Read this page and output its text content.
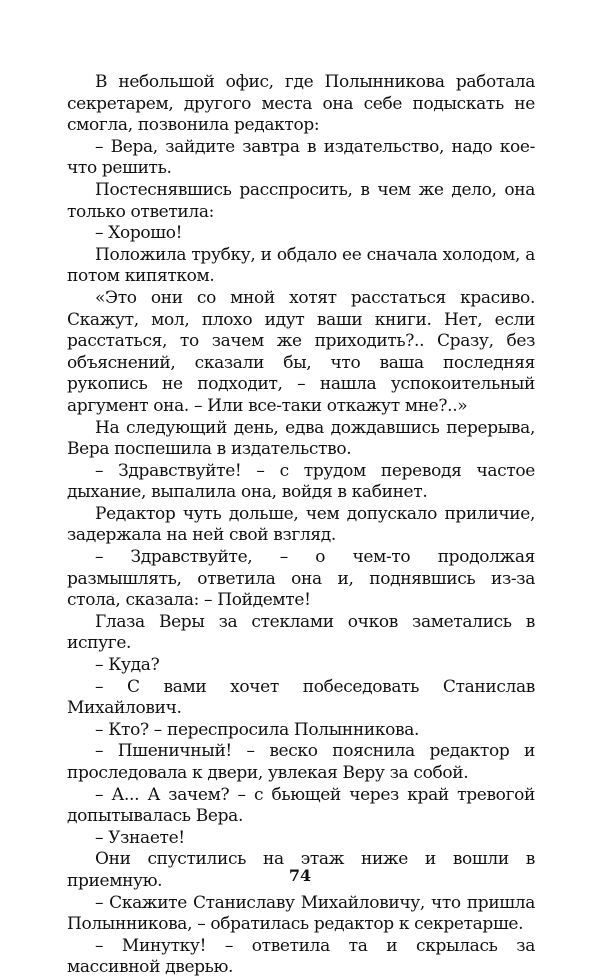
В небольшой офис, где Полынникова работала секретарем, другого места она себе подыскать не смогла, позвонила редактор:

– Вера, зайдите завтра в издательство, надо кое-что решить.

Постеснявшись расспросить, в чем же дело, она только ответила:

– Хорошо!

Положила трубку, и обдало ее сначала холодом, а потом кипятком.

«Это они со мной хотят расстаться красиво. Скажут, мол, плохо идут ваши книги. Нет, если расстаться, то зачем же приходить?.. Сразу, без объяснений, сказали бы, что ваша последняя рукопись не подходит, – нашла успокоительный аргумент она. – Или все-таки откажут мне?..»

На следующий день, едва дождавшись перерыва, Вера поспешила в издательство.

– Здравствуйте! – с трудом переводя частое дыхание, выпалила она, войдя в кабинет.

Редактор чуть дольше, чем допускало приличие, задержала на ней свой взгляд.

– Здравствуйте, – о чем-то продолжая размышлять, ответила она и, поднявшись из-за стола, сказала: – Пойдемте!

Глаза Веры за стеклами очков заметались в испуге.

– Куда?

– С вами хочет побеседовать Станислав Михайлович.

– Кто? – переспросила Полынникова.

– Пшеничный! – веско пояснила редактор и проследовала к двери, увлекая Веру за собой.

– А... А зачем? – с бьющей через край тревогой допытывалась Вера.

– Узнаете!

Они спустились на этаж ниже и вошли в приемную.

– Скажите Станиславу Михайловичу, что пришла Полынникова, – обратилась редактор к секретарше.

– Минутку! – ответила та и скрылась за массивной дверью.

74
